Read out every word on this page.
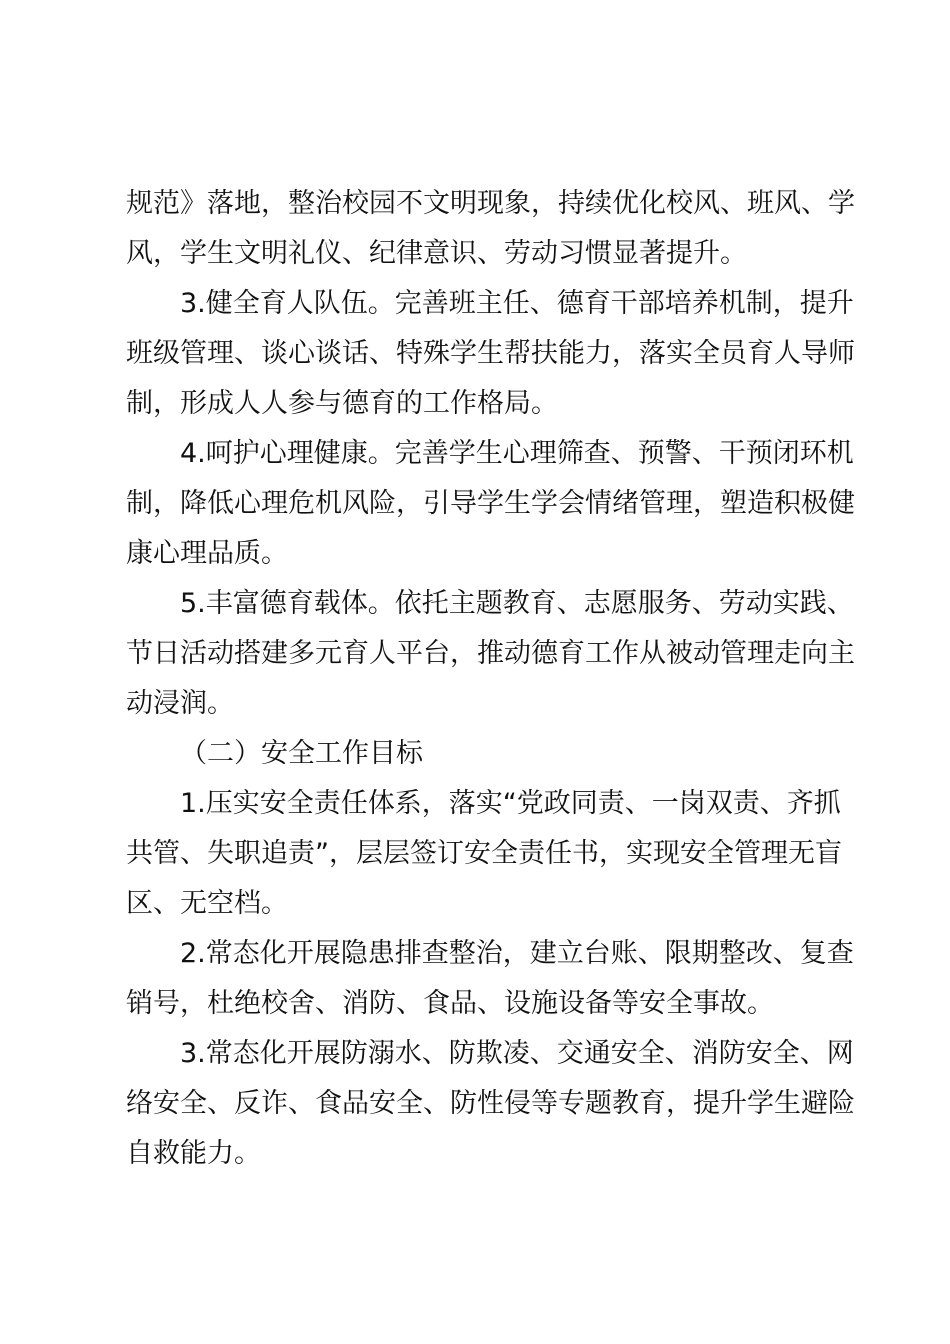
规范》落地，整治校园不文明现象，持续优化校风、班风、学

风，学生文明礼仪、纪律意识、劳动习惯显著提升。

3.健全育人队伍。完善班主任、德育干部培养机制，提升

班级管理、谈心谈话、特殊学生帮扶能力，落实全员育人导师

制，形成人人参与德育的工作格局。

4.呵护心理健康。完善学生心理筛查、预警、干预闭环机

制，降低心理危机风险，引导学生学会情绪管理，塑造积极健

康心理品质。

5.丰富德育载体。依托主题教育、志愿服务、劳动实践、

节日活动搭建多元育人平台，推动德育工作从被动管理走向主

动浸润。

（二）安全工作目标

1.压实安全责任体系，落实“党政同责、一岗双责、齐抓

共管、失职追责”，层层签订安全责任书，实现安全管理无盲

区、无空档。

2.常态化开展隐患排查整治，建立台账、限期整改、复查

销号，杜绝校舍、消防、食品、设施设备等安全事故。

3.常态化开展防溺水、防欺凌、交通安全、消防安全、网

络安全、反诈、食品安全、防性侵等专题教育，提升学生避险

自救能力。
